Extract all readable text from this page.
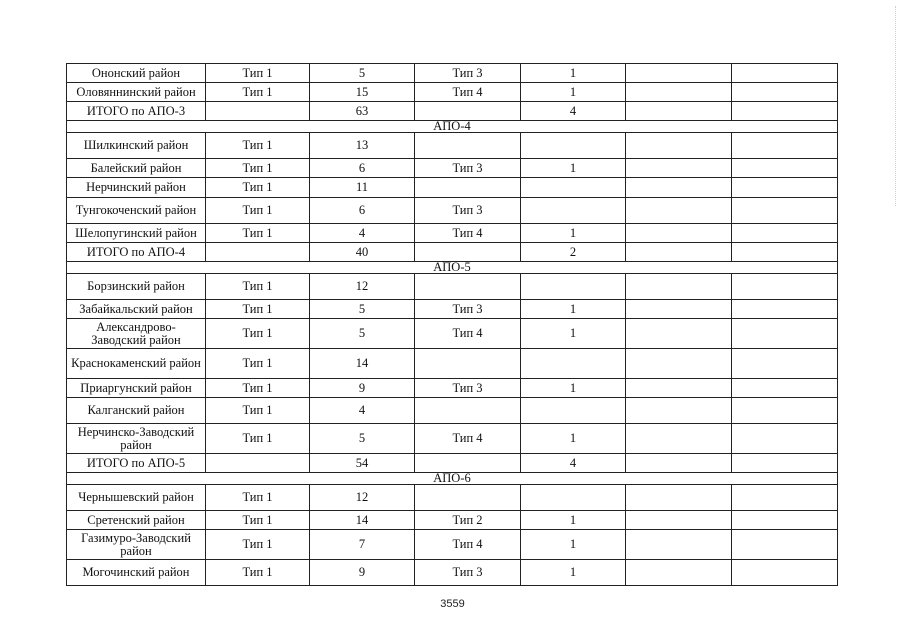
Ононский район	Тип 1	5	Тип 3	1		
Оловяннинский район	Тип 1	15	Тип 4	1		
ИТОГО по АПО-3		63		4		
АПО-4						
Шилкинский район	Тип 1	13				
Балейский район	Тип 1	6	Тип 3	1		
Нерчинский район	Тип 1	11				
Тунгокоченский район	Тип 1	6	Тип 3			
Шелопугинский район	Тип 1	4	Тип 4	1		
ИТОГО по АПО-4		40		2		
АПО-5						
Борзинский район	Тип 1	12				
Забайкальский район	Тип 1	5	Тип 3	1		
Александрово-Заводский район	Тип 1	5	Тип 4	1		
Краснокаменский район	Тип 1	14				
Приаргунский район	Тип 1	9	Тип 3	1		
Калганский район	Тип 1	4				
Нерчинско-Заводский район	Тип 1	5	Тип 4	1		
ИТОГО по АПО-5		54		4		
АПО-6						
Чернышевский район	Тип 1	12				
Сретенский район	Тип 1	14	Тип 2	1		
Газимуро-Заводский район	Тип 1	7	Тип 4	1		
Могочинский район	Тип 1	9	Тип 3	1		
3559
